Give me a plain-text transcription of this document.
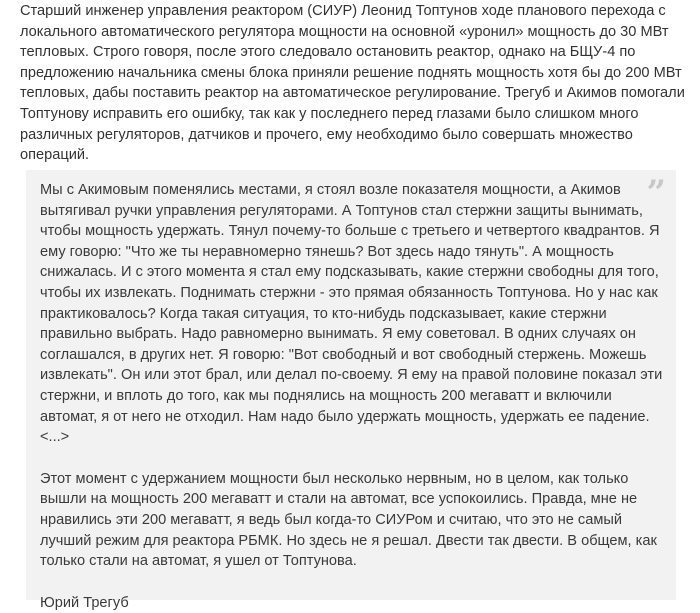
Старший инженер управления реактором (СИУР) Леонид Топтунов ходе планового перехода с локального автоматического регулятора мощности на основной «уронил» мощность до 30 МВт тепловых. Строго говоря, после этого следовало остановить реактор, однако на БЩУ-4 по предложению начальника смены блока приняли решение поднять мощность хотя бы до 200 МВт тепловых, дабы поставить реактор на автоматическое регулирование. Трегуб и Акимов помогали Топтунову исправить его ошибку, так как у последнего перед глазами было слишком много различных регуляторов, датчиков и прочего, ему необходимо было совершать множество операций.

”

Мы с Акимовым поменялись местами, я стоял возле показателя мощности, а Акимов вытягивал ручки управления регуляторами. А Топтунов стал стержни защиты вынимать, чтобы мощность удержать. Тянул почему-то больше с третьего и четвертого квадрантов. Я ему говорю: "Что же ты неравномерно тянешь? Вот здесь надо тянуть". А мощность снижалась. И с этого момента я стал ему подсказывать, какие стержни свободны для того, чтобы их извлекать. Поднимать стержни - это прямая обязанность Топтунова. Но у нас как практиковалось? Когда такая ситуация, то кто-нибудь подсказывает, какие стержни правильно выбрать. Надо равномерно вынимать. Я ему советовал. В одних случаях он соглашался, в других нет. Я говорю: "Вот свободный и вот свободный стержень. Можешь извлекать". Он или этот брал, или делал по-своему. Я ему на правой половине показал эти стержни, и вплоть до того, как мы поднялись на мощность 200 мегаватт и включили автомат, я от него не отходил. Нам надо было удержать мощность, удержать ее падение. <...>

Этот момент с удержанием мощности был несколько нервным, но в целом, как только вышли на мощность 200 мегаватт и стали на автомат, все успокоились. Правда, мне не нравились эти 200 мегаватт, я ведь был когда-то СИУРом и считаю, что это не самый лучший режим для реактора РБМК. Но здесь не я решал. Двести так двести. В общем, как только стали на автомат, я ушел от Топтунова.

Юрий Трегуб
